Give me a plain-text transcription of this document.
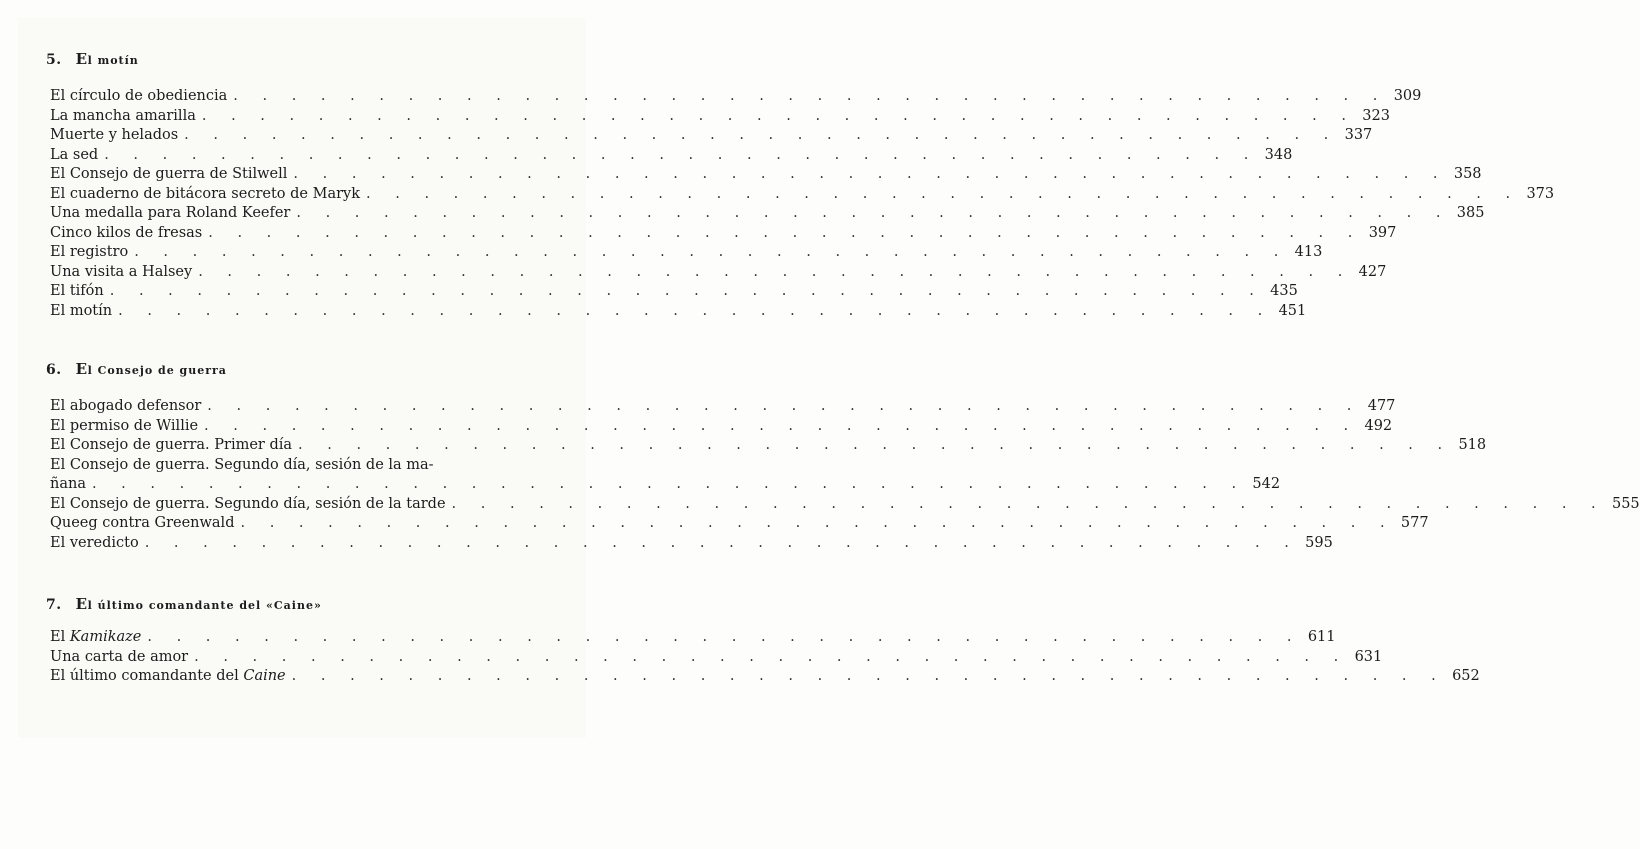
5. El motín
El círculo de obediencia . . . . . . . . . . . . . . . . . . . . . . . . . . . . . . . . . . . . . . . . 309
La mancha amarilla . . . . . . . . . . . . . . . . . . . . . . . . . . . . . . . . . . . . . . . . 323
Muerte y helados . . . . . . . . . . . . . . . . . . . . . . . . . . . . . . . . . . . . . . . . 337
La sed . . . . . . . . . . . . . . . . . . . . . . . . . . . . . . . . . . . . . . . . 348
El Consejo de guerra de Stilwell . . . . . . . . . . . . . . . . . . . . . . . . . . . . . . . . . . . . . . . . 358
El cuaderno de bitácora secreto de Maryk . . . . . . . . . . . . . . . . . . . . . . . . . . . . . . . . . . . . . . . . 373
Una medalla para Roland Keefer . . . . . . . . . . . . . . . . . . . . . . . . . . . . . . . . . . . . . . . . 385
Cinco kilos de fresas . . . . . . . . . . . . . . . . . . . . . . . . . . . . . . . . . . . . . . . . 397
El registro . . . . . . . . . . . . . . . . . . . . . . . . . . . . . . . . . . . . . . . . 413
Una visita a Halsey . . . . . . . . . . . . . . . . . . . . . . . . . . . . . . . . . . . . . . . . 427
El tifón . . . . . . . . . . . . . . . . . . . . . . . . . . . . . . . . . . . . . . . . 435
El motín . . . . . . . . . . . . . . . . . . . . . . . . . . . . . . . . . . . . . . . . 451
6. El Consejo de guerra
El abogado defensor . . . . . . . . . . . . . . . . . . . . . . . . . . . . . . . . . . . . . . . . 477
El permiso de Willie . . . . . . . . . . . . . . . . . . . . . . . . . . . . . . . . . . . . . . . . 492
El Consejo de guerra. Primer día . . . . . . . . . . . . . . . . . . . . . . . . . . . . . . . . . . . . . . . . 518
El Consejo de guerra. Segundo día, sesión de la ma-
ñana . . . . . . . . . . . . . . . . . . . . . . . . . . . . . . . . . . . . . . . . 542
El Consejo de guerra. Segundo día, sesión de la tarde . . . . . . . . . . . . . . . . . . . . . . . . . . . . . . . . . . . . . . . . 555
Queeg contra Greenwald . . . . . . . . . . . . . . . . . . . . . . . . . . . . . . . . . . . . . . . . 577
El veredicto . . . . . . . . . . . . . . . . . . . . . . . . . . . . . . . . . . . . . . . . 595
7. El último comandante del «Caine»
El Kamikaze . . . . . . . . . . . . . . . . . . . . . . . . . . . . . . . . . . . . . . . . 611
Una carta de amor . . . . . . . . . . . . . . . . . . . . . . . . . . . . . . . . . . . . . . . . 631
El último comandante del Caine . . . . . . . . . . . . . . . . . . . . . . . . . . . . . . . . . . . . . . . . 652
